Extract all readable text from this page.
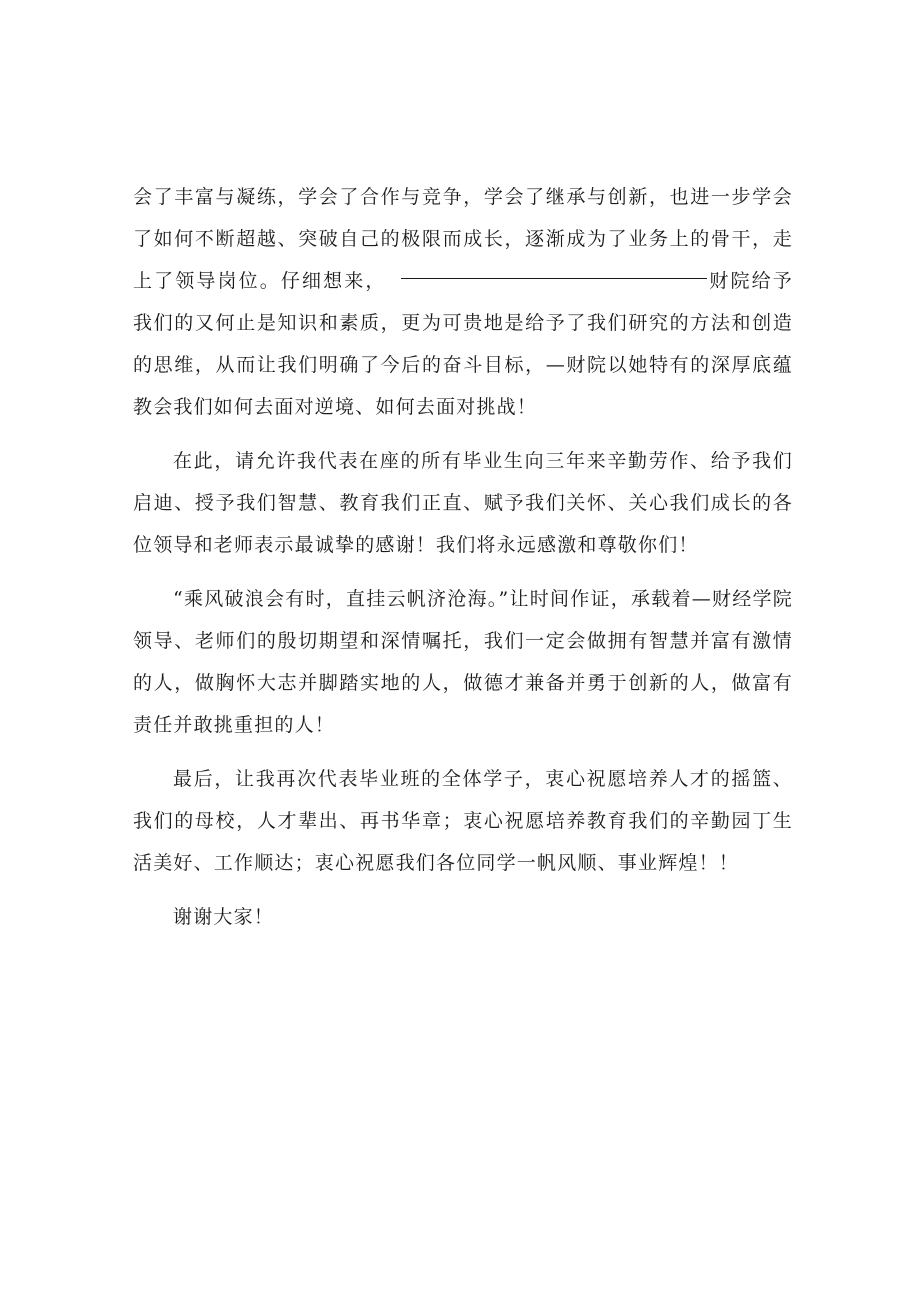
会了丰富与凝练，学会了合作与竞争，学会了继承与创新，也进一步学会了如何不断超越、突破自己的极限而成长，逐渐成为了业务上的骨干，走上了领导岗位。仔细想来，	财院给予我们的又何止是知识和素质，更为可贵地是给予了我们研究的方法和创造的思维，从而让我们明确了今后的奋斗目标，—财院以她特有的深厚底蕴教会我们如何去面对逆境、如何去面对挑战！

在此，请允许我代表在座的所有毕业生向三年来辛勤劳作、给予我们启迪、授予我们智慧、教育我们正直、赋予我们关怀、关心我们成长的各位领导和老师表示最诚挚的感谢！我们将永远感激和尊敬你们！

“乘风破浪会有时，直挂云帆济沧海。”让时间作证，承载着—财经学院领导、老师们的殷切期望和深情嘱托，我们一定会做拥有智慧并富有激情的人，做胸怀大志并脚踏实地的人，做德才兼备并勇于创新的人，做富有责任并敢挑重担的人！

最后，让我再次代表毕业班的全体学子，衷心祝愿培养人才的摇篮、我们的母校，人才辈出、再书华章；衷心祝愿培养教育我们的辛勤园丁生活美好、工作顺达；衷心祝愿我们各位同学一帆风顺、事业辉煌！！

谢谢大家！
